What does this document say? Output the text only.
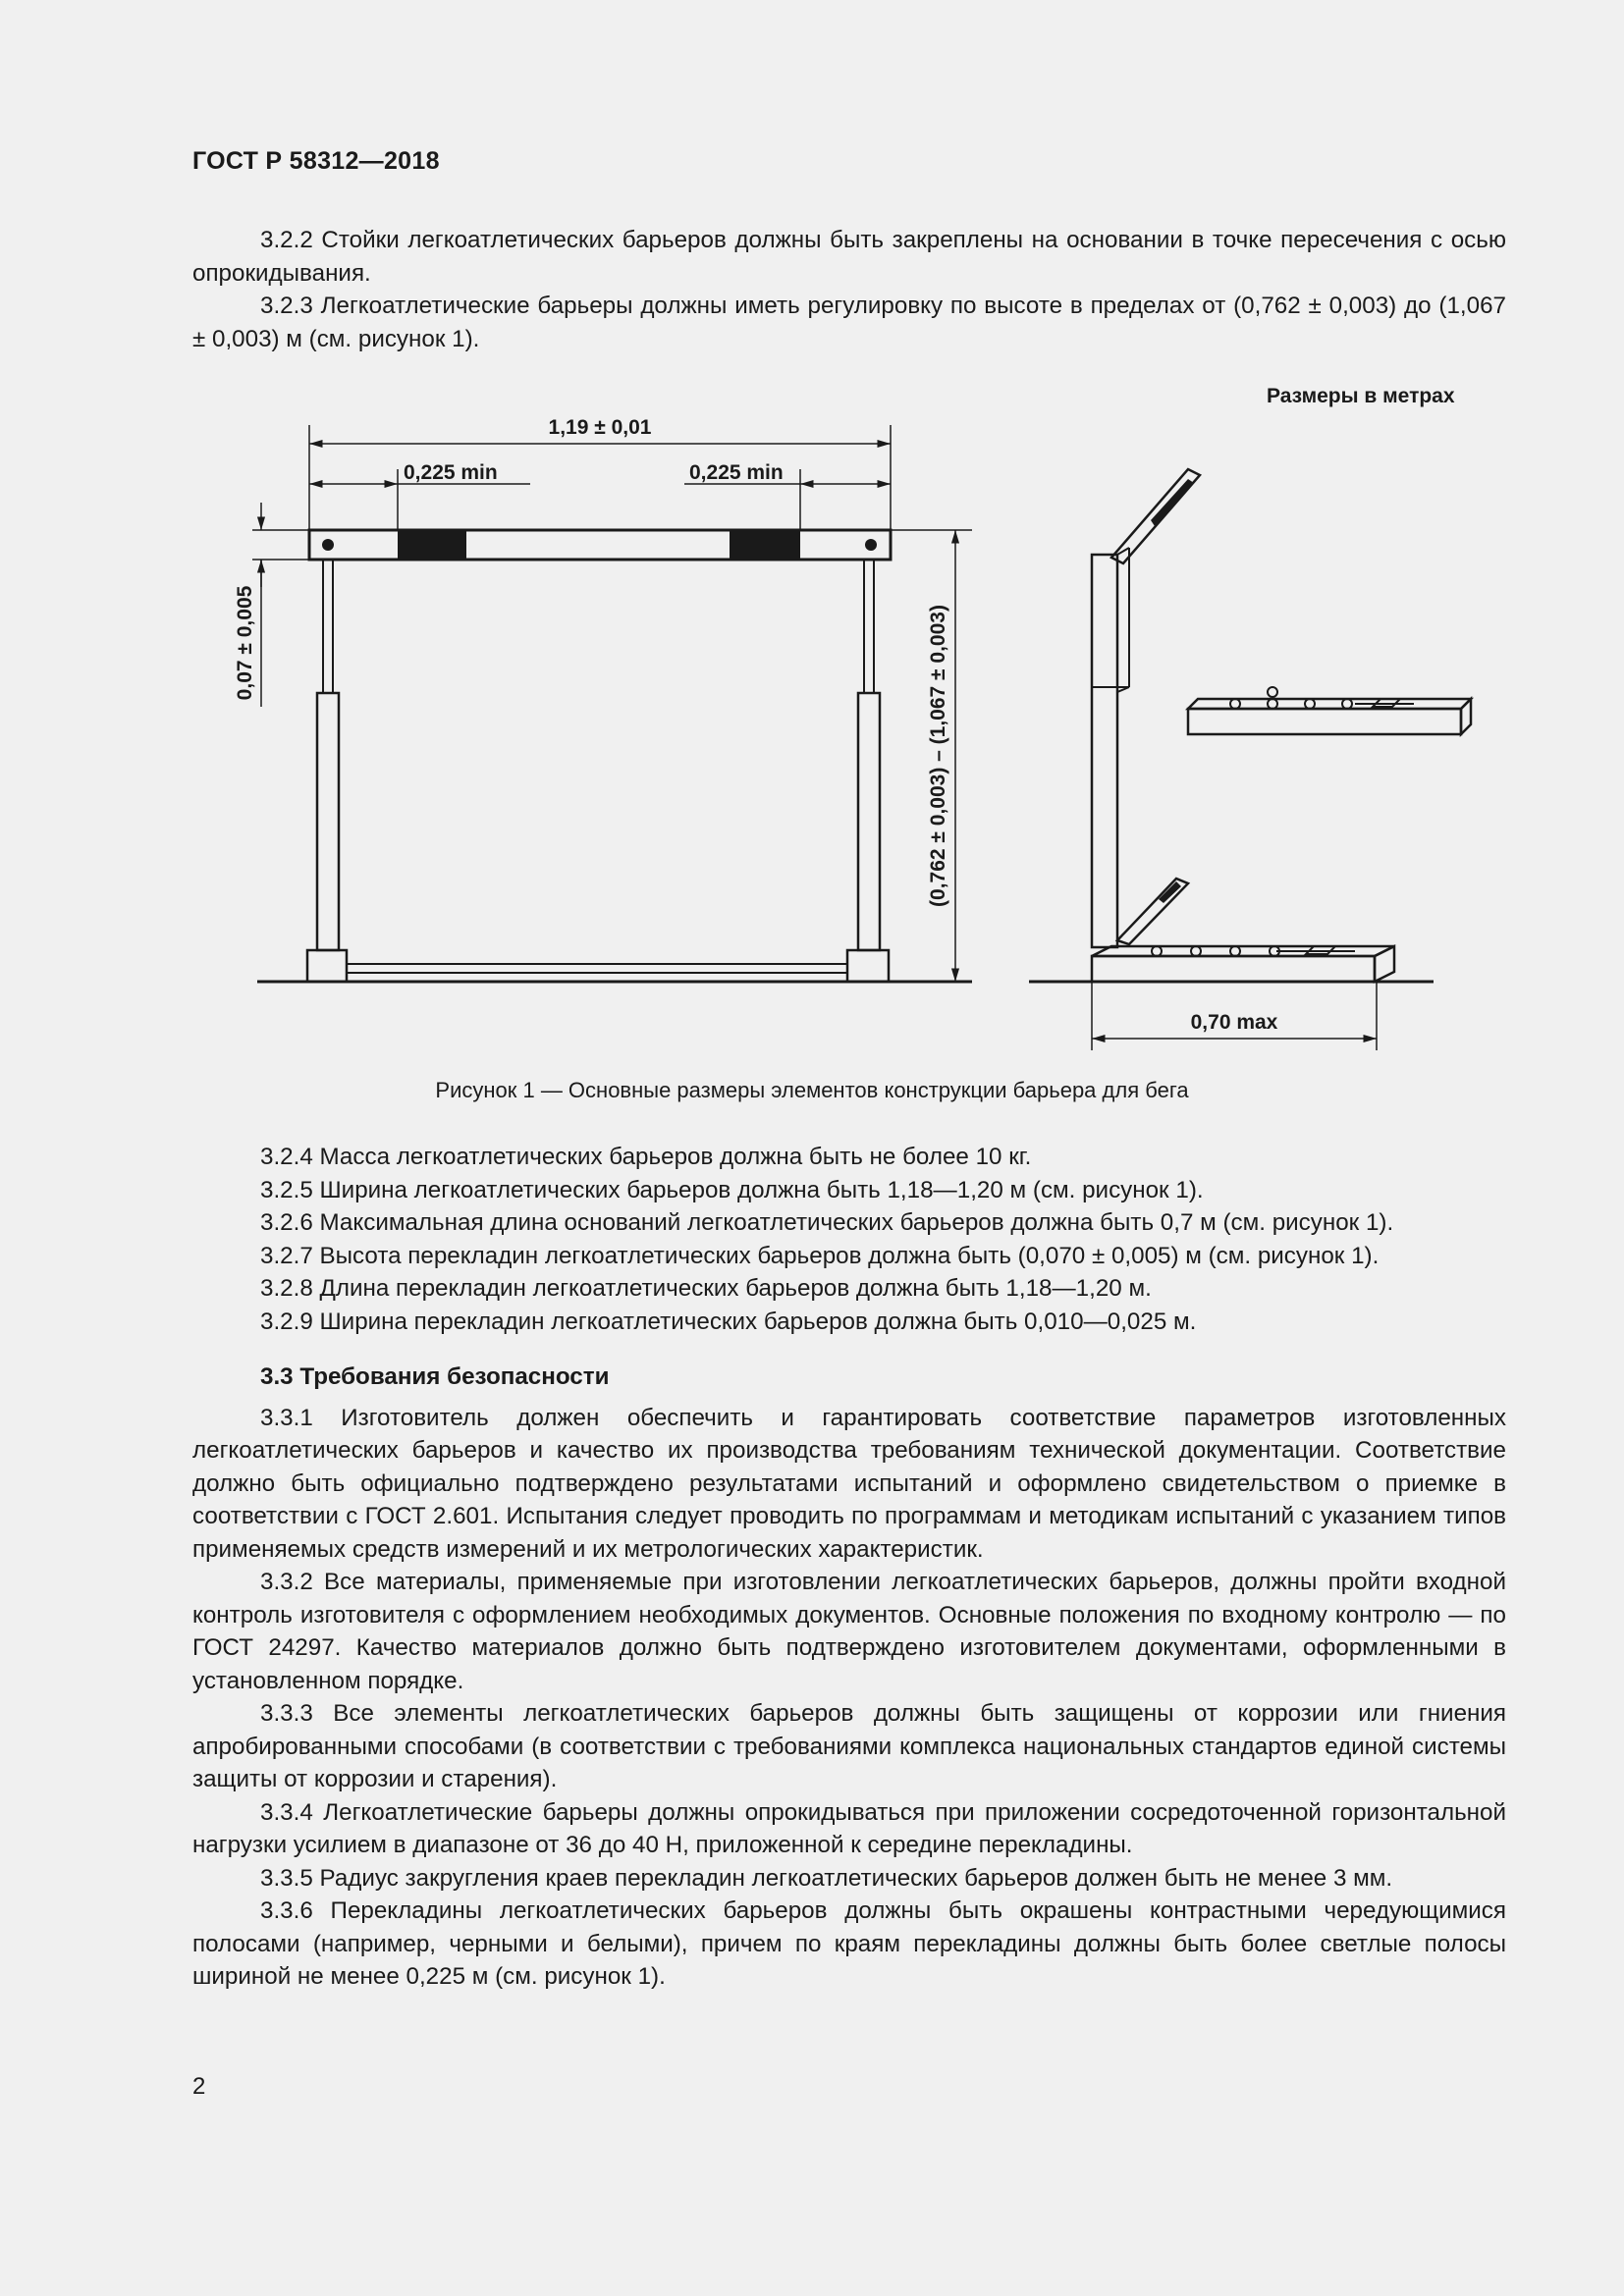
ГОСТ Р 58312—2018

3.2.2 Стойки легкоатлетических барьеров должны быть закреплены на основании в точке пересечения с осью опрокидывания.

3.2.3 Легкоатлетические барьеры должны иметь регулировку по высоте в пределах от (0,762 ± 0,003) до (1,067 ± 0,003) м (см. рисунок 1).

Размеры в метрах
1,19 ± 0,01
0,225 min	0,225 min
0,07 ± 0,005	(0,762 ± 0,003) – (1,067 ± 0,003)
0,70 max
Рисунок 1 — Основные размеры элементов конструкции барьера для бега

3.2.4 Масса легкоатлетических барьеров должна быть не более 10 кг.

3.2.5 Ширина легкоатлетических барьеров должна быть 1,18—1,20 м (см. рисунок 1).

3.2.6 Максимальная длина оснований легкоатлетических барьеров должна быть 0,7 м (см. рисунок 1).

3.2.7 Высота перекладин легкоатлетических барьеров должна быть (0,070 ± 0,005) м (см. рисунок 1).

3.2.8 Длина перекладин легкоатлетических барьеров должна быть 1,18—1,20 м.

3.2.9 Ширина перекладин легкоатлетических барьеров должна быть 0,010—0,025 м.

3.3 Требования безопасности

3.3.1 Изготовитель должен обеспечить и гарантировать соответствие параметров изготовленных легкоатлетических барьеров и качество их производства требованиям технической документации. Соответствие должно быть официально подтверждено результатами испытаний и оформлено свидетельством о приемке в соответствии с ГОСТ 2.601. Испытания следует проводить по программам и методикам испытаний с указанием типов применяемых средств измерений и их метрологических характеристик.

3.3.2 Все материалы, применяемые при изготовлении легкоатлетических барьеров, должны пройти входной контроль изготовителя с оформлением необходимых документов. Основные положения по входному контролю — по ГОСТ 24297. Качество материалов должно быть подтверждено изготовителем документами, оформленными в установленном порядке.

3.3.3 Все элементы легкоатлетических барьеров должны быть защищены от коррозии или гниения апробированными способами (в соответствии с требованиями комплекса национальных стандартов единой системы защиты от коррозии и старения).

3.3.4 Легкоатлетические барьеры должны опрокидываться при приложении сосредоточенной горизонтальной нагрузки усилием в диапазоне от 36 до 40 Н, приложенной к середине перекладины.

3.3.5 Радиус закругления краев перекладин легкоатлетических барьеров должен быть не менее 3 мм.

3.3.6 Перекладины легкоатлетических барьеров должны быть окрашены контрастными чередующимися полосами (например, черными и белыми), причем по краям перекладины должны быть более светлые полосы шириной не менее 0,225 м (см. рисунок 1).

2
